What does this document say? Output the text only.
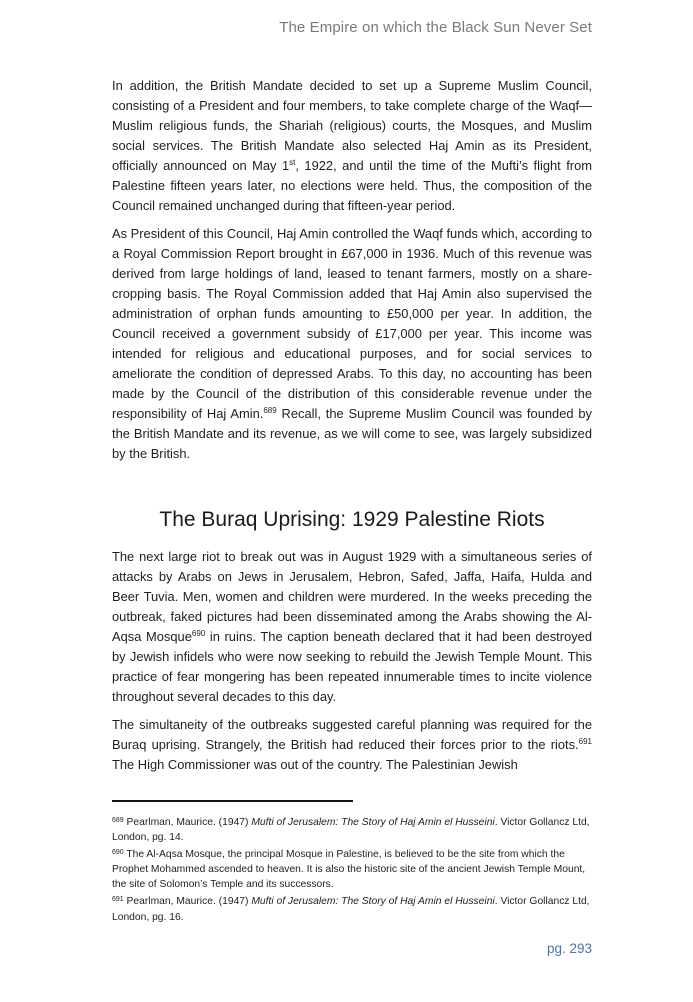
The Empire on which the Black Sun Never Set

In addition, the British Mandate decided to set up a Supreme Muslim Council, consisting of a President and four members, to take complete charge of the Waqf—Muslim religious funds, the Shariah (religious) courts, the Mosques, and Muslim social services. The British Mandate also selected Haj Amin as its President, officially announced on May 1st, 1922, and until the time of the Mufti’s flight from Palestine fifteen years later, no elections were held. Thus, the composition of the Council remained unchanged during that fifteen-year period.

As President of this Council, Haj Amin controlled the Waqf funds which, according to a Royal Commission Report brought in £67,000 in 1936. Much of this revenue was derived from large holdings of land, leased to tenant farmers, mostly on a share-cropping basis. The Royal Commission added that Haj Amin also supervised the administration of orphan funds amounting to £50,000 per year. In addition, the Council received a government subsidy of £17,000 per year. This income was intended for religious and educational purposes, and for social services to ameliorate the condition of depressed Arabs. To this day, no accounting has been made by the Council of the distribution of this considerable revenue under the responsibility of Haj Amin.$^{689}$ Recall, the Supreme Muslim Council was founded by the British Mandate and its revenue, as we will come to see, was largely subsidized by the British.

The Buraq Uprising: 1929 Palestine Riots

The next large riot to break out was in August 1929 with a simultaneous series of attacks by Arabs on Jews in Jerusalem, Hebron, Safed, Jaffa, Haifa, Hulda and Beer Tuvia. Men, women and children were murdered. In the weeks preceding the outbreak, faked pictures had been disseminated among the Arabs showing the Al-Aqsa Mosque$^{690}$ in ruins. The caption beneath declared that it had been destroyed by Jewish infidels who were now seeking to rebuild the Jewish Temple Mount. This practice of fear mongering has been repeated innumerable times to incite violence throughout several decades to this day.

The simultaneity of the outbreaks suggested careful planning was required for the Buraq uprising. Strangely, the British had reduced their forces prior to the riots.$^{691}$ The High Commissioner was out of the country. The Palestinian Jewish

$^{689}$ Pearlman, Maurice. (1947) Mufti of Jerusalem: The Story of Haj Amin el Husseini. Victor Gollancz Ltd, London, pg. 14.

$^{690}$ The Al-Aqsa Mosque, the principal Mosque in Palestine, is believed to be the site from which the Prophet Mohammed ascended to heaven. It is also the historic site of the ancient Jewish Temple Mount, the site of Solomon’s Temple and its successors.

$^{691}$ Pearlman, Maurice. (1947) Mufti of Jerusalem: The Story of Haj Amin el Husseini. Victor Gollancz Ltd, London, pg. 16.

pg. 293
